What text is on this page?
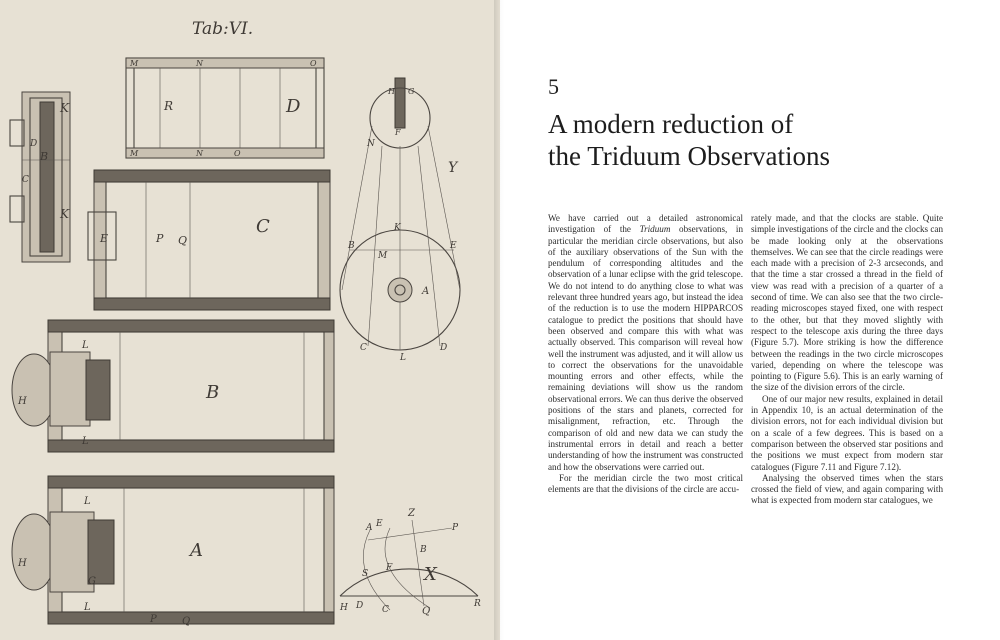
Tab:VI.
K
B
D
C
K
R	D
M	N	O
M	N	O
E	P Q
C
L
H	B
L
L
H
G
A
L
P	Q
Y
H G
F
N
K
B
M
E
A
C
L
D
Z
A E	P
B
S
F X
H D C	Q
R
5
A modern reduction of
the Triduum Observations

We have carried out a detailed astronomical investigation of the Triduum observations, in particular the meridian circle observations, but also of the auxiliary observations of the Sun with the pendulum of corresponding altitudes and the observation of a lunar eclipse with the grid telescope. We do not intend to do anything close to what was relevant three hundred years ago, but instead the idea of the reduction is to use the modern HIPPARCOS catalogue to predict the positions that should have been observed and compare this with what was actually observed. This comparison will reveal how well the instrument was adjusted, and it will allow us to correct the observations for the unavoidable mounting errors and other effects, while the remaining deviations will show us the random observational errors. We can thus derive the observed positions of the stars and planets, corrected for misalignment, refraction, etc. Through the comparison of old and new data we can study the instrumental errors in detail and reach a better understanding of how the instrument was constructed and how the observations were carried out.

For the meridian circle the two most critical elements are that the divisions of the circle are accu-

rately made, and that the clocks are stable. Quite simple investigations of the circle and the clocks can be made looking only at the observations themselves. We can see that the circle readings were each made with a precision of 2-3 arcseconds, and that the time a star crossed a thread in the field of view was read with a precision of a quarter of a second of time. We can also see that the two circle-reading microscopes stayed fixed, one with respect to the other, but that they moved slightly with respect to the telescope axis during the three days (Figure 5.7). More striking is how the difference between the readings in the two circle microscopes varied, depending on where the telescope was pointing to (Figure 5.6). This is an early warning of the size of the division errors of the circle.

One of our major new results, explained in detail in Appendix 10, is an actual determination of the division errors, not for each individual division but on a scale of a few degrees. This is based on a comparison between the observed star positions and the positions we must expect from modern star catalogues (Figure 7.11 and Figure 7.12).

Analysing the observed times when the stars crossed the field of view, and again comparing with what is expected from modern star catalogues, we
